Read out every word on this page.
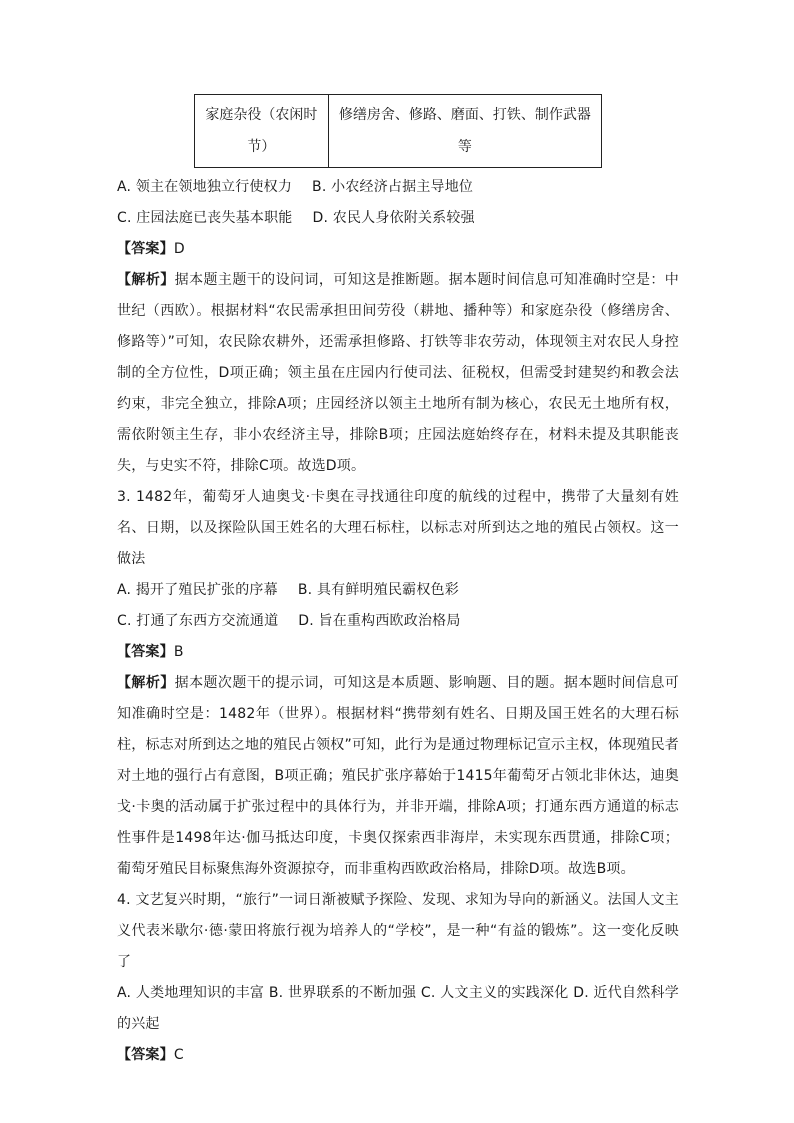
家庭杂役（农闲时节）	修缮房舍、修路、磨面、打铁、制作武器等
A. 领主在领地独立行使权力 B. 小农经济占据主导地位
C. 庄园法庭已丧失基本职能 D. 农民人身依附关系较强
【答案】D
【解析】据本题主题干的设问词，可知这是推断题。据本题时间信息可知准确时空是：中世纪（西欧）。根据材料“农民需承担田间劳役（耕地、播种等）和家庭杂役（修缮房舍、修路等）”可知，农民除农耕外，还需承担修路、打铁等非农劳动，体现领主对农民人身控制的全方位性，D项正确；领主虽在庄园内行使司法、征税权，但需受封建契约和教会法约束，非完全独立，排除A项；庄园经济以领主土地所有制为核心，农民无土地所有权，需依附领主生存，非小农经济主导，排除B项；庄园法庭始终存在，材料未提及其职能丧失，与史实不符，排除C项。故选D项。
3. 1482年，葡萄牙人迪奥戈·卡奥在寻找通往印度的航线的过程中，携带了大量刻有姓名、日期，以及探险队国王姓名的大理石标柱，以标志对所到达之地的殖民占领权。这一做法
A. 揭开了殖民扩张的序幕 B. 具有鲜明殖民霸权色彩
C. 打通了东西方交流通道 D. 旨在重构西欧政治格局
【答案】B
【解析】据本题次题干的提示词，可知这是本质题、影响题、目的题。据本题时间信息可知准确时空是：1482年（世界）。根据材料“携带刻有姓名、日期及国王姓名的大理石标柱，标志对所到达之地的殖民占领权”可知，此行为是通过物理标记宣示主权，体现殖民者对土地的强行占有意图，B项正确；殖民扩张序幕始于1415年葡萄牙占领北非休达，迪奥戈·卡奥的活动属于扩张过程中的具体行为，并非开端，排除A项；打通东西方通道的标志性事件是1498年达·伽马抵达印度，卡奥仅探索西非海岸，未实现东西贯通，排除C项；葡萄牙殖民目标聚焦海外资源掠夺，而非重构西欧政治格局，排除D项。故选B项。
4. 文艺复兴时期，“旅行”一词日渐被赋予探险、发现、求知为导向的新涵义。法国人文主义代表米歇尔·德·蒙田将旅行视为培养人的“学校”，是一种“有益的锻炼”。这一变化反映了
A. 人类地理知识的丰富 B. 世界联系的不断加强 C. 人文主义的实践深化 D. 近代自然科学的兴起
【答案】C
